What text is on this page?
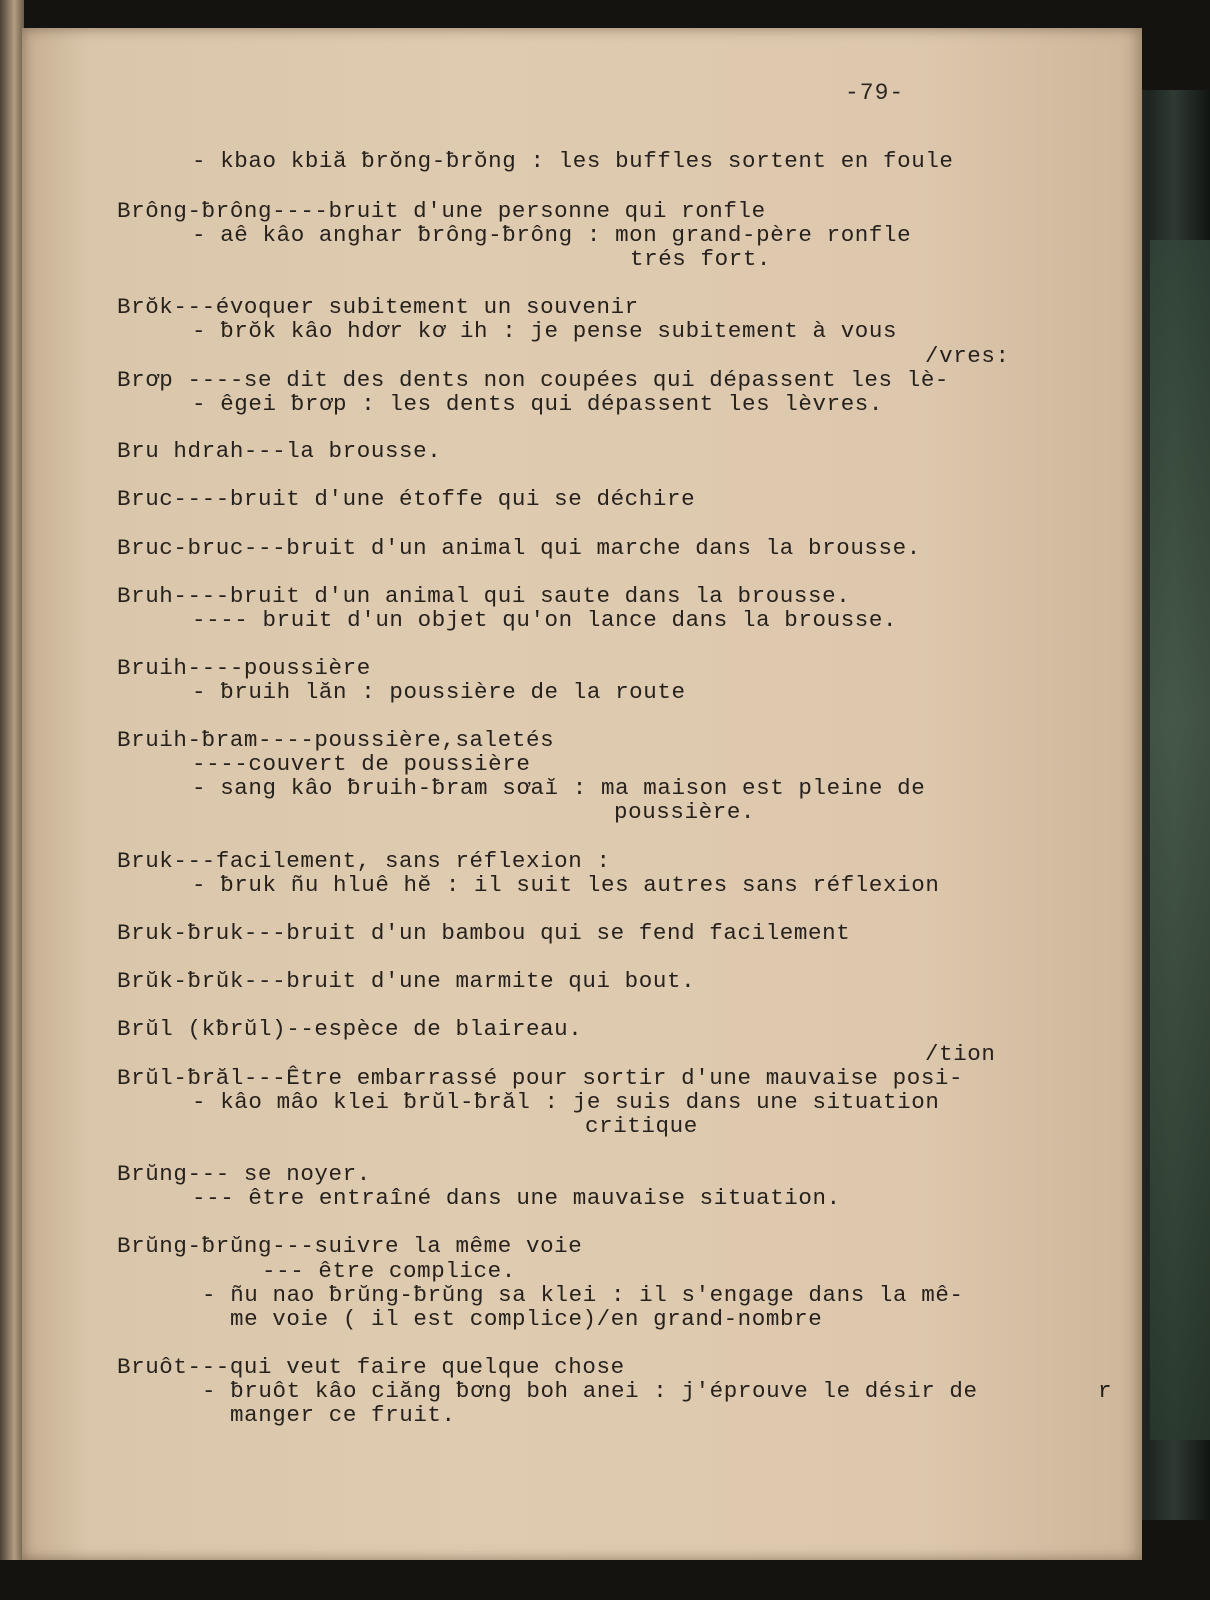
-79-
- kbao kbiă ƀrŏng-ƀrŏng : les buffles sortent en foule
Brông-ƀrông----bruit d'une personne qui ronfle
- aê kâo anghar ƀrông-ƀrông : mon grand-père ronfle
trés fort.
Brŏk---évoquer subitement un souvenir
- ƀrŏk kâo hdơr kơ ih : je pense subitement à vous
/vres:
Brơp ----se dit des dents non coupées qui dépassent les lè-
- êgei ƀrơp : les dents qui dépassent les lèvres.
Bru hdrah---la brousse.
Bruc----bruit d'une étoffe qui se déchire
Bruc-bruc---bruit d'un animal qui marche dans la brousse.
Bruh----bruit d'un animal qui saute dans la brousse.
---- bruit d'un objet qu'on lance dans la brousse.
Bruih----poussière
- ƀruih lăn : poussière de la route
Bruih-ƀram----poussière,saletés
----couvert de poussière
- sang kâo ƀruih-ƀram sơaĭ : ma maison est pleine de
poussière.
Bruk---facilement, sans réflexion :
- ƀruk ñu hluê hĕ : il suit les autres sans réflexion
Bruk-ƀruk---bruit d'un bambou qui se fend facilement
Brŭk-ƀrŭk---bruit d'une marmite qui bout.
Brŭl (kƀrŭl)--espèce de blaireau.
/tion
Brŭl-ƀrăl---Être embarrassé pour sortir d'une mauvaise posi-
- kâo mâo klei ƀrŭl-ƀrăl : je suis dans une situation
critique
Brŭng--- se noyer.
--- être entraîné dans une mauvaise situation.
Brŭng-ƀrŭng---suivre la même voie
--- être complice.
- ñu nao ƀrŭng-ƀrŭng sa klei : il s'engage dans la mê-
me voie ( il est complice)/en grand-nombre
Bruôt---qui veut faire quelque chose
- ƀruôt kâo ciăng ƀơng boh anei : j'éprouve le désir de
manger ce fruit.
r
